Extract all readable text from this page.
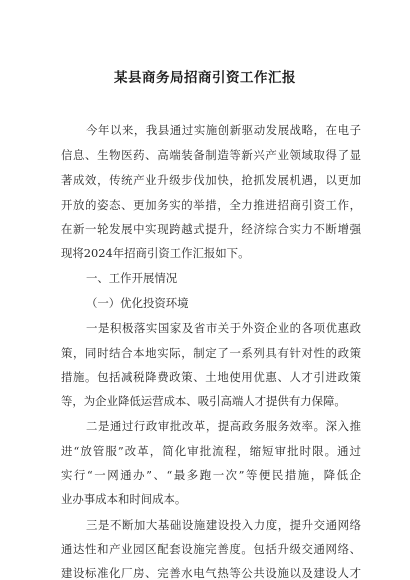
某县商务局招商引资工作汇报
今年以来，我县通过实施创新驱动发展战略，在电子
信息、生物医药、高端装备制造等新兴产业领域取得了显
著成效，传统产业升级步伐加快，抢抓发展机遇，以更加
开放的姿态、更加务实的举措，全力推进招商引资工作，
在新一轮发展中实现跨越式提升，经济综合实力不断增强
现将2024年招商引资工作汇报如下。
一、工作开展情况
（一）优化投资环境
一是积极落实国家及省市关于外资企业的各项优惠政
策，同时结合本地实际，制定了一系列具有针对性的政策
措施。包括减税降费政策、土地使用优惠、人才引进政策
等，为企业降低运营成本、吸引高端人才提供有力保障。
二是通过行政审批改革，提高政务服务效率。深入推
进“放管服”改革，简化审批流程，缩短审批时限。通过
实行“一网通办”、“最多跑一次”等便民措施，降低企
业办事成本和时间成本。
三是不断加大基础设施建设投入力度，提升交通网络
通达性和产业园区配套设施完善度。包括升级交通网络、
建设标准化厂房、完善水电气热等公共设施以及建设人才
